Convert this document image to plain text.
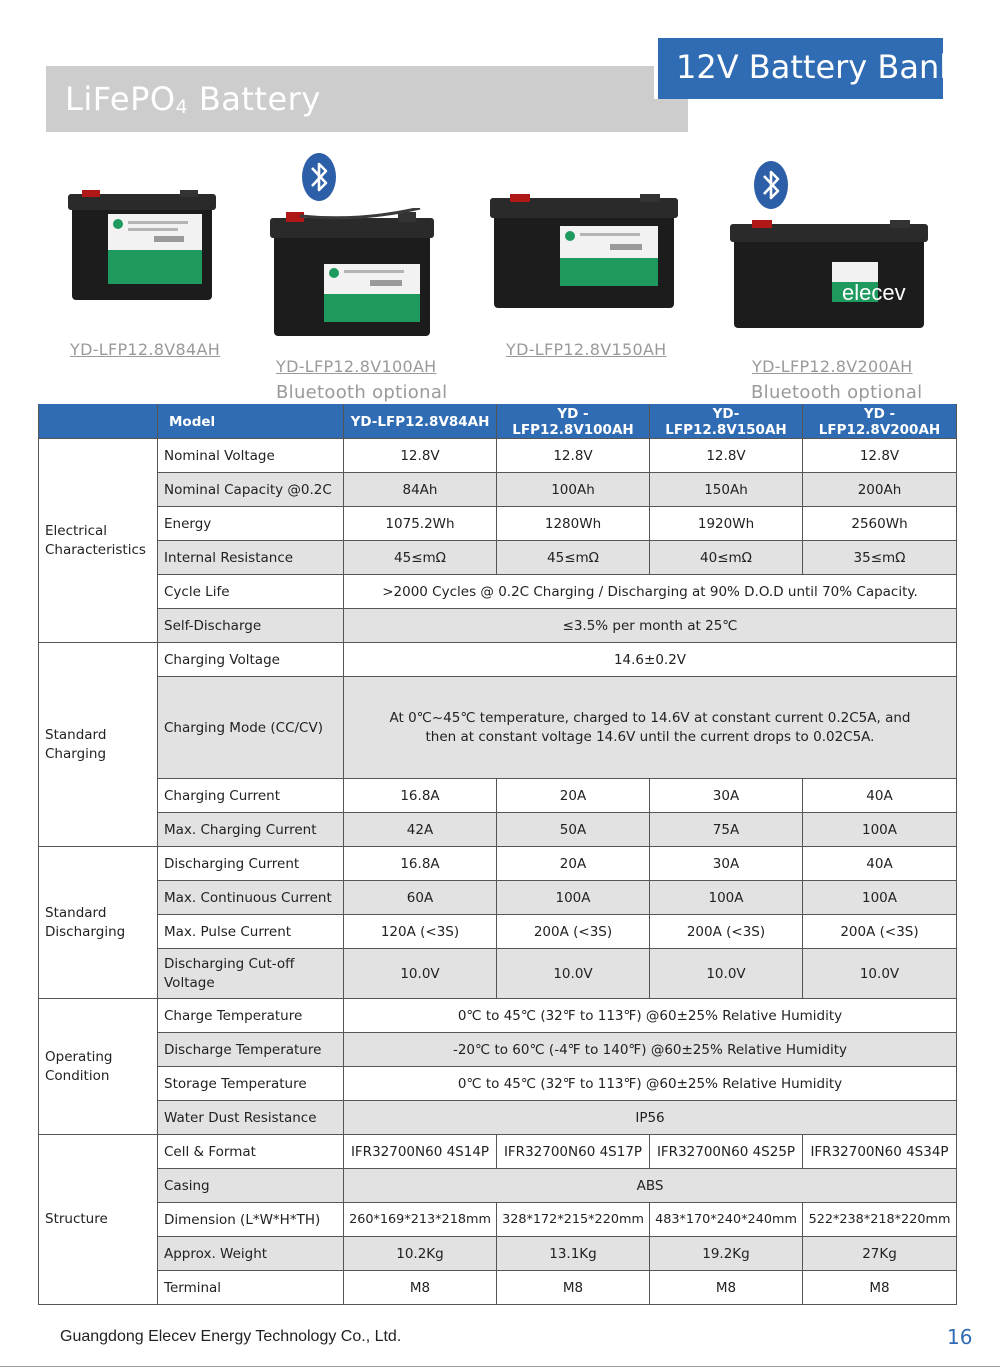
LiFePO$_4$ Battery
12V Battery Bank
elecev
YD-LFP12.8V84AH
YD-LFP12.8V100AH
Bluetooth optional
YD-LFP12.8V150AH
YD-LFP12.8V200AH
Bluetooth optional
	Model	YD-LFP12.8V84AH	YD -LFP12.8V100AH	YD-LFP12.8V150AH	YD -LFP12.8V200AH
Electrical Characteristics	Nominal Voltage	12.8V	12.8V	12.8V	12.8V
	Nominal Capacity @0.2C	84Ah	100Ah	150Ah	200Ah
	Energy	1075.2Wh	1280Wh	1920Wh	2560Wh
	Internal Resistance	45≤mΩ	45≤mΩ	40≤mΩ	35≤mΩ
	Cycle Life	>2000 Cycles @ 0.2C Charging / Discharging at 90% D.O.D until 70% Capacity.			
	Self-Discharge	≤3.5% per month at 25℃			

Standard Charging	Charging Voltage	14.6±0.2V			
	Charging Mode (CC/CV)	At 0℃~45℃ temperature, charged to 14.6V at constant current 0.2C5A, and then at constant voltage 14.6V until the current drops to 0.02C5A.			
	Charging Current	16.8A	20A	30A	40A
	Max. Charging Current	42A	50A	75A	100A

Standard Discharging	Discharging Current	16.8A	20A	30A	40A
	Max. Continuous Current	60A	100A	100A	100A
	Max. Pulse Current	120A (<3S)	200A (<3S)	200A (<3S)	200A (<3S)
	Discharging Cut-off Voltage	10.0V	10.0V	10.0V	10.0V

Operating Condition	Charge Temperature	0℃ to 45℃ (32℉ to 113℉) @60±25% Relative Humidity			
	Discharge Temperature	-20℃ to 60℃ (-4℉ to 140℉) @60±25% Relative Humidity			
	Storage Temperature	0℃ to 45℃ (32℉ to 113℉) @60±25% Relative Humidity			
	Water Dust Resistance	IP56			
Structure	Cell & Format	IFR32700N60 4S14P	IFR32700N60 4S17P	IFR32700N60 4S25P	IFR32700N60 4S34P
	Casing	ABS			
	Dimension (L*W*H*TH)	260*169*213*218mm	328*172*215*220mm	483*170*240*240mm	522*238*218*220mm
	Approx. Weight	10.2Kg	13.1Kg	19.2Kg	27Kg
	Terminal	M8	M8	M8	M8
Guangdong Elecev Energy Technology Co., Ltd.	16
